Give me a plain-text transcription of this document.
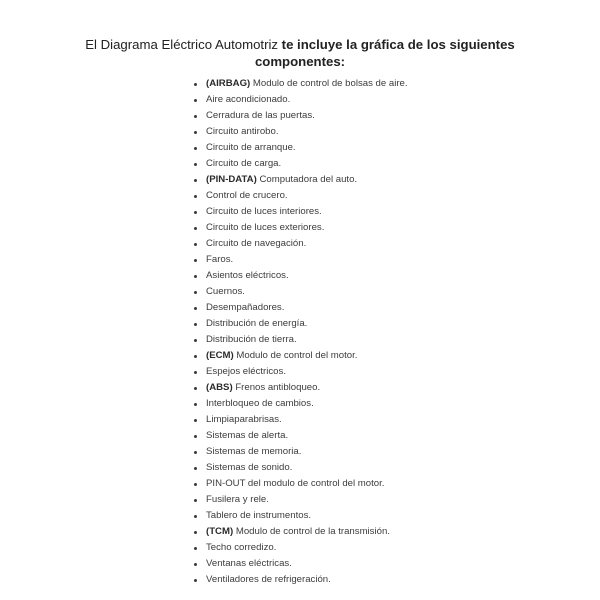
El Diagrama Eléctrico Automotriz te incluye la gráfica de los siguientes
componentes:
(AIRBAG) Modulo de control de bolsas de aire.
Aire acondicionado.
Cerradura de las puertas.
Circuito antirobo.
Circuito de arranque.
Circuito de carga.
(PIN-DATA) Computadora del auto.
Control de crucero.
Circuito de luces interiores.
Circuito de luces exteriores.
Circuito de navegación.
Faros.
Asientos eléctricos.
Cuernos.
Desempañadores.
Distribución de energía.
Distribución de tierra.
(ECM) Modulo de control del motor.
Espejos eléctricos.
(ABS) Frenos antibloqueo.
Interbloqueo de cambios.
Limpiaparabrisas.
Sistemas de alerta.
Sistemas de memoria.
Sistemas de sonido.
PIN-OUT del modulo de control del motor.
Fusilera y rele.
Tablero de instrumentos.
(TCM) Modulo de control de la transmisión.
Techo corredizo.
Ventanas eléctricas.
Ventiladores de refrigeración.
